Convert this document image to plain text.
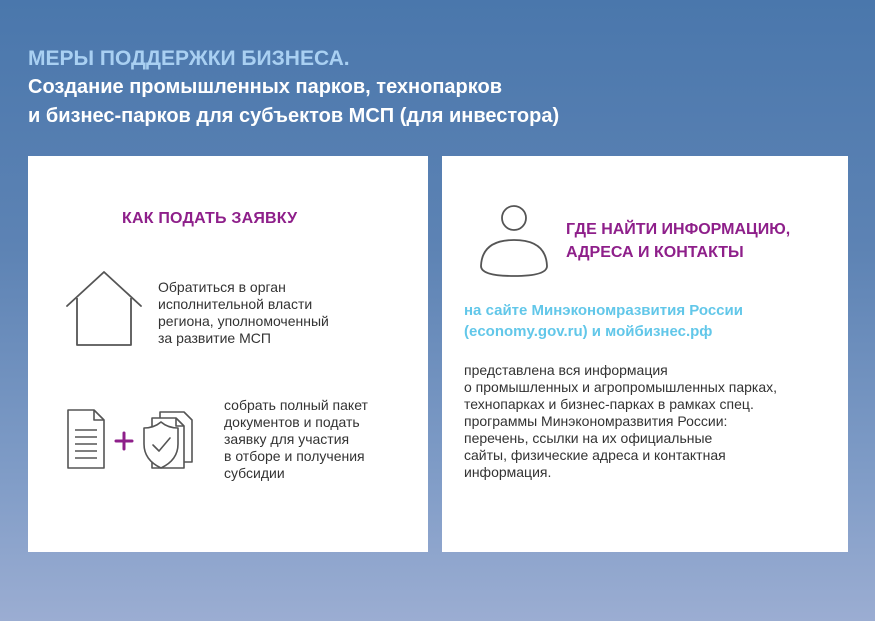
МЕРЫ ПОДДЕРЖКИ БИЗНЕСА.
Создание промышленных парков, технопарков
и бизнес-парков для субъектов МСП (для инвестора)
КАК ПОДАТЬ ЗАЯВКУ
Обратиться в орган
исполнительной власти
региона, уполномоченный
за развитие МСП
собрать полный пакет
документов и подать
заявку для участия
в отборе и получения
субсидии
ГДЕ НАЙТИ ИНФОРМАЦИЮ,
АДРЕСА И КОНТАКТЫ
на сайте Минэкономразвития России
(economy.gov.ru) и мойбизнес.рф
представлена вся информация
о промышленных и агропромышленных парках,
технопарках и бизнес-парках в рамках спец.
программы Минэкономразвития России:
перечень, ссылки на их официальные
сайты, физические адреса и контактная
информация.
